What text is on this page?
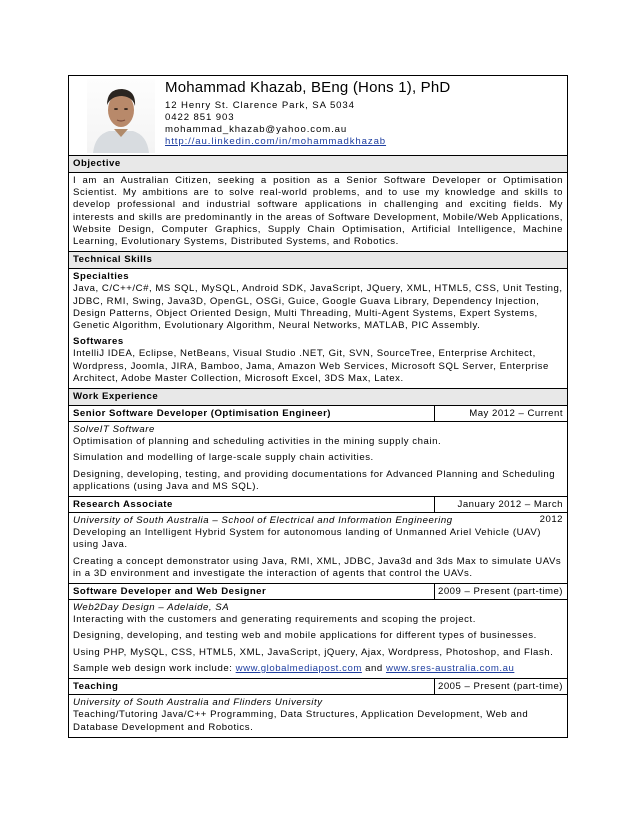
Mohammad Khazab, BEng (Hons 1), PhD
12 Henry St. Clarence Park, SA 5034
0422 851 903
mohammad_khazab@yahoo.com.au
http://au.linkedin.com/in/mohammadkhazab
Objective

I am an Australian Citizen, seeking a position as a Senior Software Developer or Optimisation Scientist. My ambitions are to solve real-world problems, and to use my knowledge and skills to develop professional and industrial software applications in challenging and exciting fields. My interests and skills are predominantly in the areas of Software Development, Mobile/Web Applications, Website Design, Computer Graphics, Supply Chain Optimisation, Artificial Intelligence, Machine Learning, Evolutionary Systems, Distributed Systems, and Robotics.

Technical Skills
Specialties

Java, C/C++/C#, MS SQL, MySQL, Android SDK, JavaScript, JQuery, XML, HTML5, CSS, Unit Testing, JDBC, RMI, Swing, Java3D, OpenGL, OSGi, Guice, Google Guava Library, Dependency Injection, Design Patterns, Object Oriented Design, Multi Threading, Multi-Agent Systems, Expert Systems, Genetic Algorithm, Evolutionary Algorithm, Neural Networks, MATLAB, PIC Assembly.

Softwares

IntelliJ IDEA, Eclipse, NetBeans, Visual Studio .NET, Git, SVN, SourceTree, Enterprise Architect, Wordpress, Joomla, JIRA, Bamboo, Jama, Amazon Web Services, Microsoft SQL Server, Enterprise Architect, Adobe Master Collection, Microsoft Excel, 3DS Max, Latex.

Work Experience
Senior Software Developer (Optimisation Engineer)	May 2012 – Current
SolveIT Software

Optimisation of planning and scheduling activities in the mining supply chain.

Simulation and modelling of large-scale supply chain activities.

Designing, developing, testing, and providing documentations for Advanced Planning and Scheduling applications (using Java and MS SQL).

Research Associate	January 2012 – March 2012
University of South Australia – School of Electrical and Information Engineering

Developing an Intelligent Hybrid System for autonomous landing of Unmanned Ariel Vehicle (UAV) using Java.

Creating a concept demonstrator using Java, RMI, XML, JDBC, Java3d and 3ds Max to simulate UAVs in a 3D environment and investigate the interaction of agents that control the UAVs.

Software Developer and Web Designer	2009 – Present (part-time)
Web2Day Design – Adelaide, SA

Interacting with the customers and generating requirements and scoping the project.

Designing, developing, and testing web and mobile applications for different types of businesses.

Using PHP, MySQL, CSS, HTML5, XML, JavaScript, jQuery, Ajax, Wordpress, Photoshop, and Flash.

Sample web design work include: www.globalmediapost.com and www.sres-australia.com.au

Teaching	2005 – Present (part-time)
University of South Australia and Flinders University

Teaching/Tutoring Java/C++ Programming, Data Structures, Application Development, Web and Database Development and Robotics.
